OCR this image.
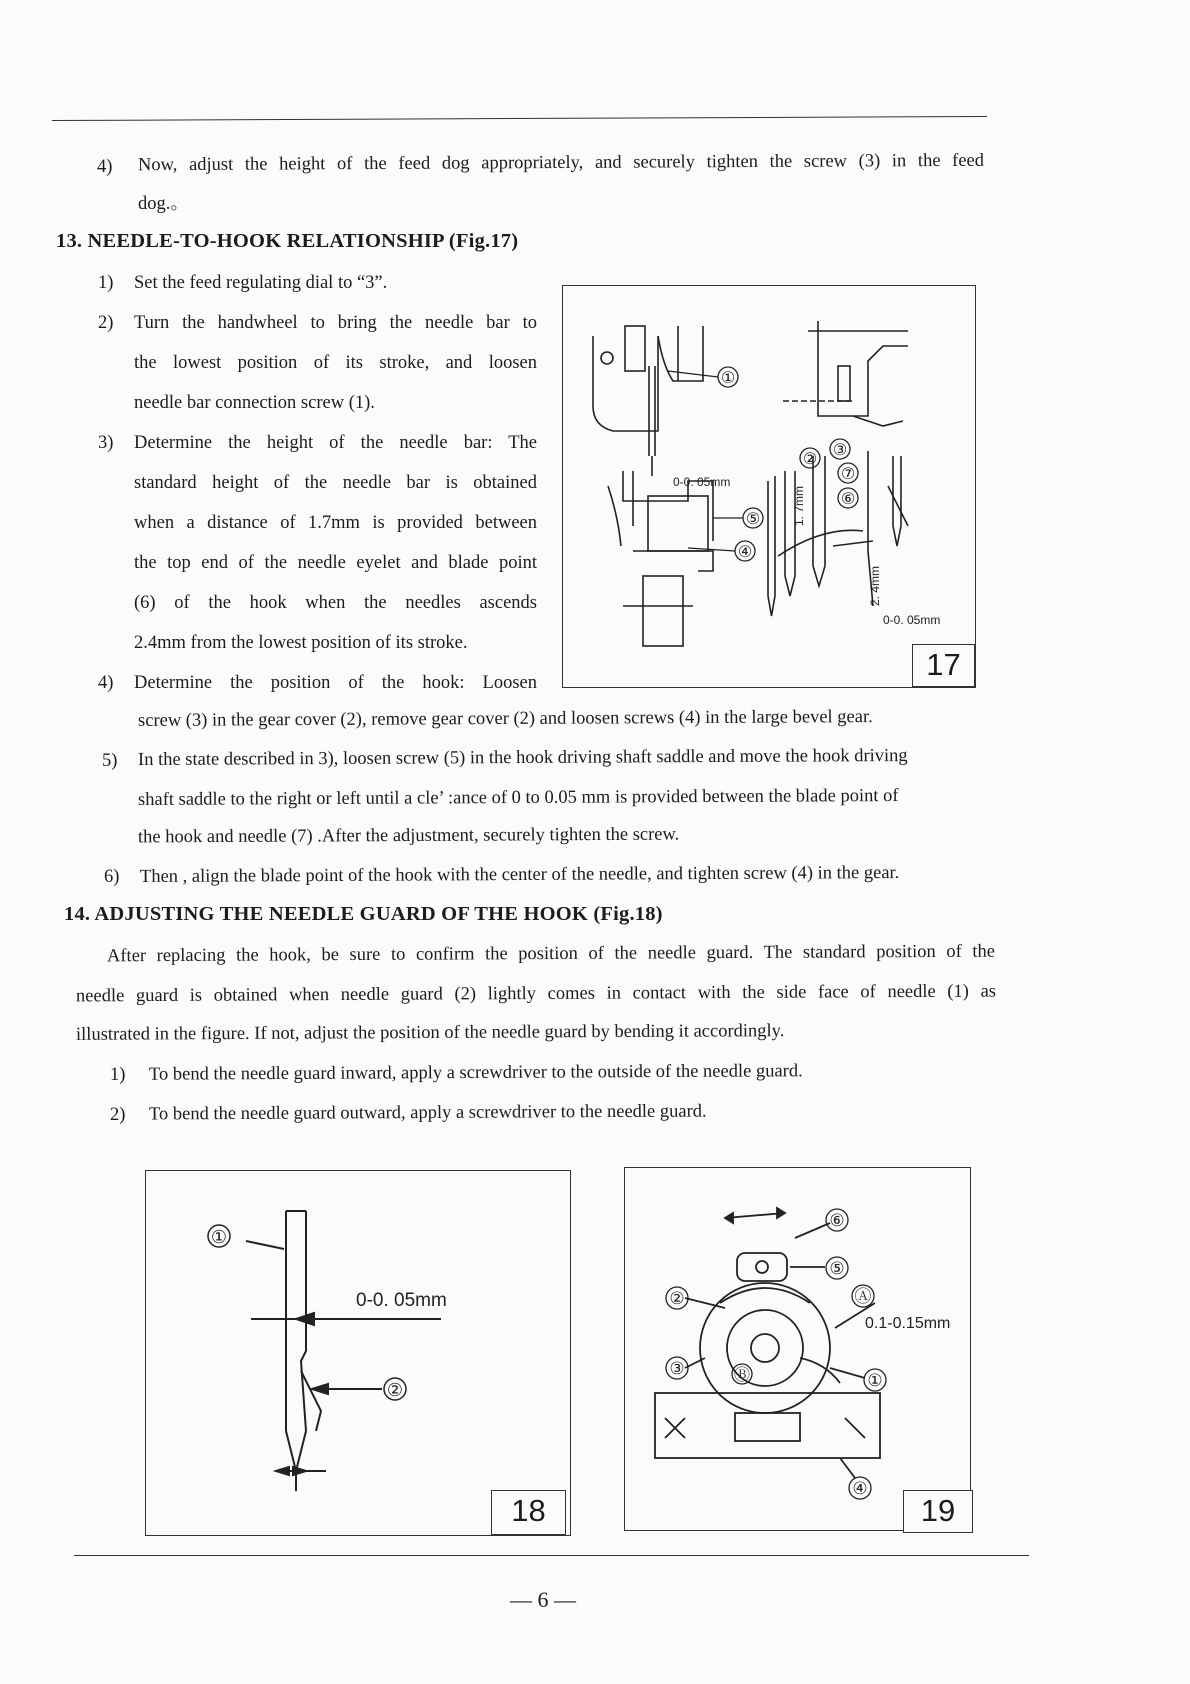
4) Now, adjust the height of the feed dog appropriately, and securely tighten the screw (3) in the feed
dog.。
13. NEEDLE-TO-HOOK RELATIONSHIP (Fig.17)
1) Set the feed regulating dial to “3”.
2) Turn the handwheel to bring the needle bar to
the lowest position of its stroke, and loosen
needle bar connection screw (1).
3) Determine the height of the needle bar: The
standard height of the needle bar is obtained
when a distance of 1.7mm is provided between
the top end of the needle eyelet and blade point
(6) of the hook when the needles ascends
2.4mm from the lowest position of its stroke.
4) Determine the position of the hook: Loosen
screw (3) in the gear cover (2), remove gear cover (2) and loosen screws (4) in the large bevel gear.
5) In the state described in 3), loosen screw (5) in the hook driving shaft saddle and move the hook driving
shaft saddle to the right or left until a cle’ :ance of 0 to 0.05 mm is provided between the blade point of
the hook and needle (7) .After the adjustment, securely tighten the screw.
6) Then , align the blade point of the hook with the center of the needle, and tighten screw (4) in the gear.
14. ADJUSTING THE NEEDLE GUARD OF THE HOOK (Fig.18)
After replacing the hook, be sure to confirm the position of the needle guard. The standard position of the
needle guard is obtained when needle guard (2) lightly comes in contact with the side face of needle (1) as
illustrated in the figure. If not, adjust the position of the needle guard by bending it accordingly.
1) To bend the needle guard inward, apply a screwdriver to the outside of the needle guard.
2) To bend the needle guard outward, apply a screwdriver to the needle guard.
①
②
③
④
⑤
⑥
⑦
0-0. 05mm
1. 7mm
2. 4mm
0-0. 05mm
17
①
②
0-0. 05mm
18
⑥
⑤
Ⓐ
②
③	Ⓑ	①
④
0.1-0.15mm
19
— 6 —
